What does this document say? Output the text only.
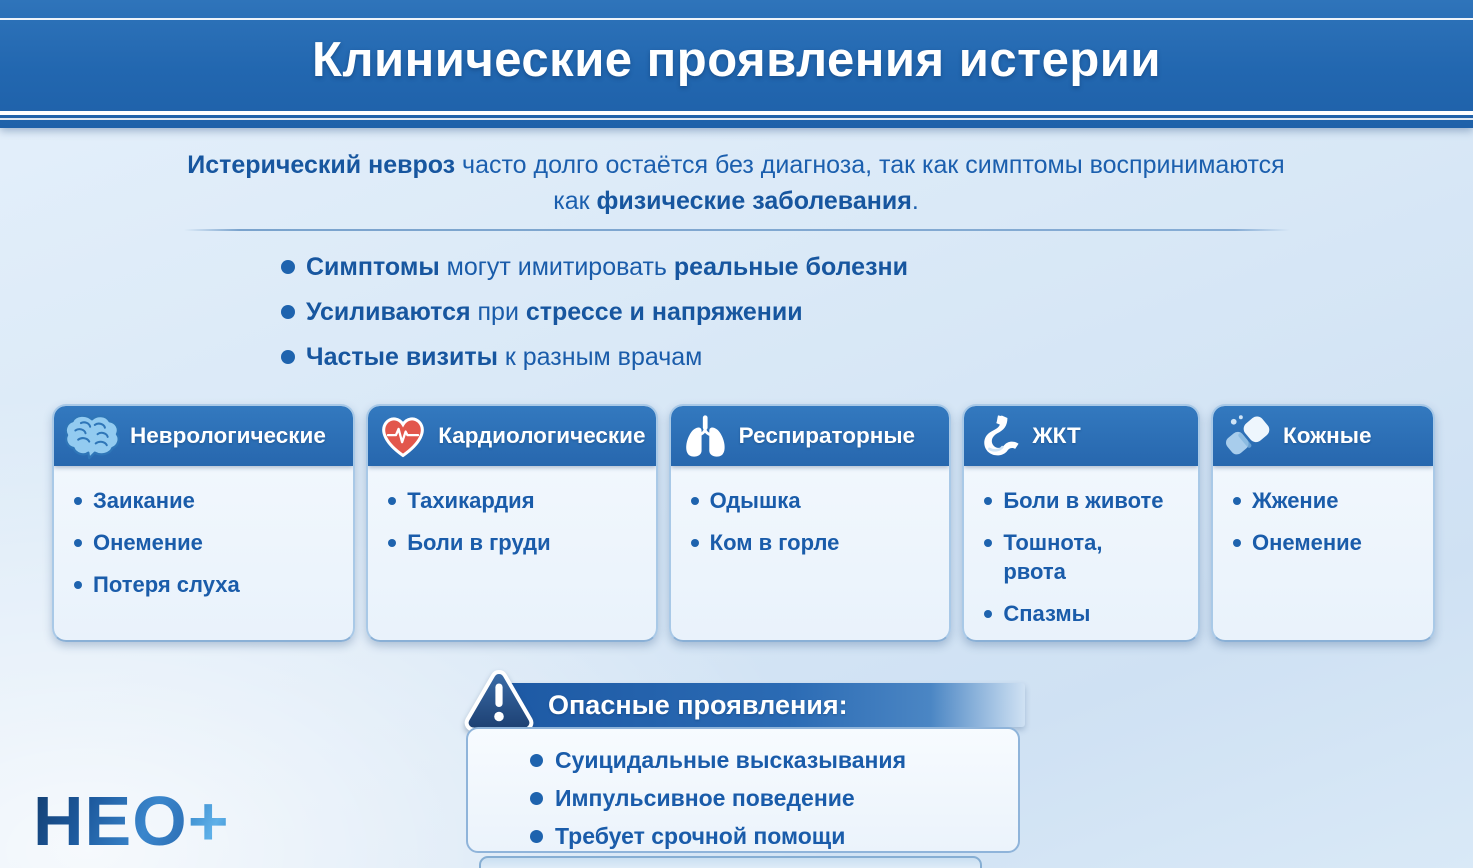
Клинические проявления истерии
Истерический невроз часто долго остаётся без диагноза, так как симптомы воспринимаются
как физические заболевания.
Симптомы могут имитировать реальные болезни
Усиливаются при стрессе и напряжении
Частые визиты к разным врачам
Неврологические
Заикание
Онемение
Потеря слуха
Кардиологические
Тахикардия
Боли в груди
Респираторные
Одышка
Ком в горле
ЖКТ
Боли в животе
Тошнота, рвота
Спазмы
Кожные
Жжение
Онемение
Опасные проявления:
Суицидальные высказывания
Импульсивное поведение
Требует срочной помощи
НЕО+
